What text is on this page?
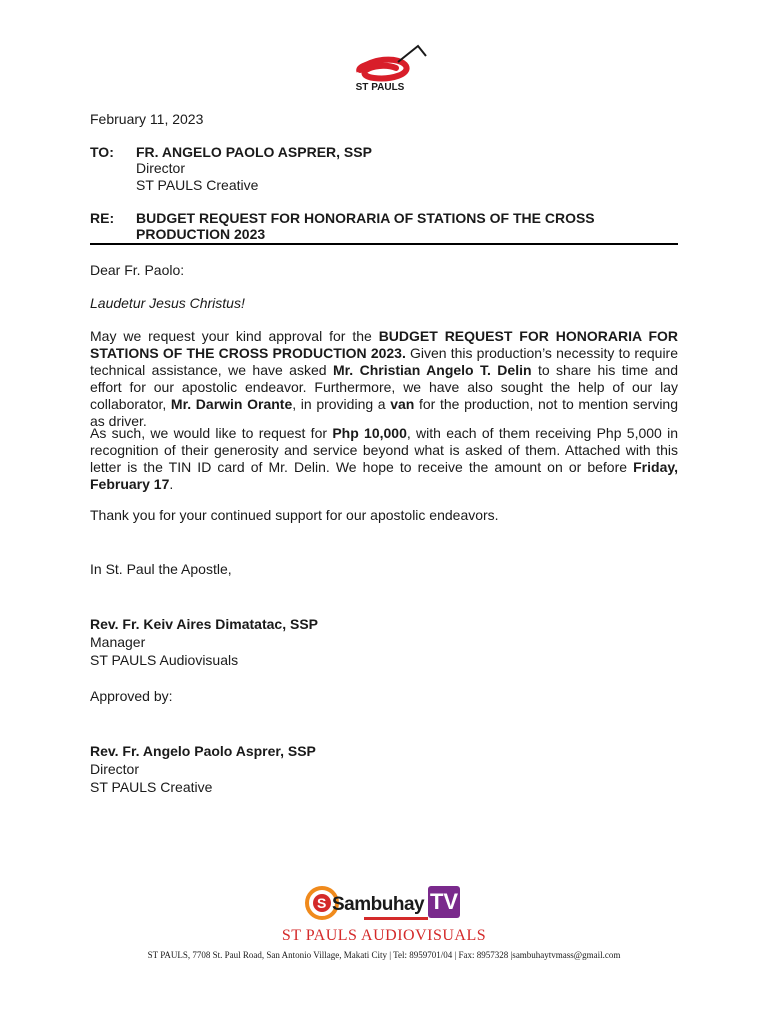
ST PAULS
February 11, 2023
TO: FR. ANGELO PAOLO ASPRER, SSP
Director
ST PAULS Creative
RE: BUDGET REQUEST FOR HONORARIA OF STATIONS OF THE CROSS
PRODUCTION 2023
Dear Fr. Paolo:
Laudetur Jesus Christus!
May we request your kind approval for the BUDGET REQUEST FOR HONORARIA FOR STATIONS OF THE CROSS PRODUCTION 2023. Given this production’s necessity to require technical assistance, we have asked Mr. Christian Angelo T. Delin to share his time and effort for our apostolic endeavor. Furthermore, we have also sought the help of our lay collaborator, Mr. Darwin Orante, in providing a van for the production, not to mention serving as driver.
As such, we would like to request for Php 10,000, with each of them receiving Php 5,000 in recognition of their generosity and service beyond what is asked of them. Attached with this letter is the TIN ID card of Mr. Delin. We hope to receive the amount on or before Friday, February 17.
Thank you for your continued support for our apostolic endeavors.
In St. Paul the Apostle,
Rev. Fr. Keiv Aires Dimatatac, SSP
Manager
ST PAULS Audiovisuals
Approved by:
Rev. Fr. Angelo Paolo Asprer, SSP
Director
ST PAULS Creative
S Sambuhay TV
ST PAULS AUDIOVISUALS
ST PAULS, 7708 St. Paul Road, San Antonio Village, Makati City | Tel: 8959701/04 | Fax: 8957328 |sambuhaytvmass@gmail.com
